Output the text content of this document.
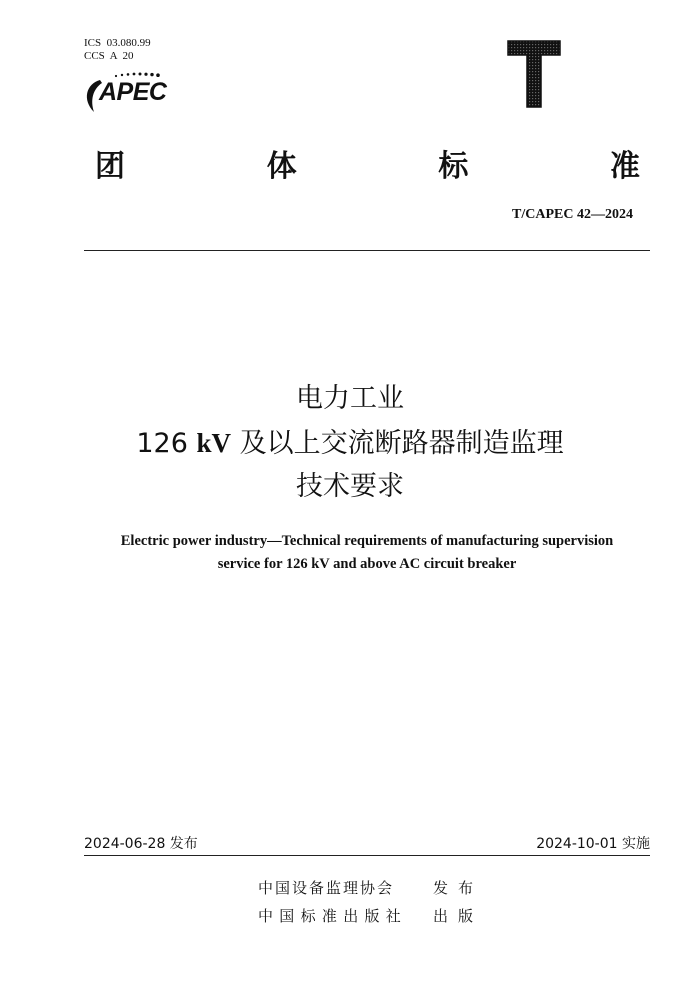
ICS  03.080.99
CCS  A  20
APEC
团	体	标	准
T/CAPEC 42—2024
电力工业
126 kV 及以上交流断路器制造监理
技术要求
Electric power industry—Technical requirements of manufacturing supervision
service for 126 kV and above AC circuit breaker
2024-06-28 发布	2024-10-01 实施
中国设备监理协会	发布
中国标准出版社	出版
